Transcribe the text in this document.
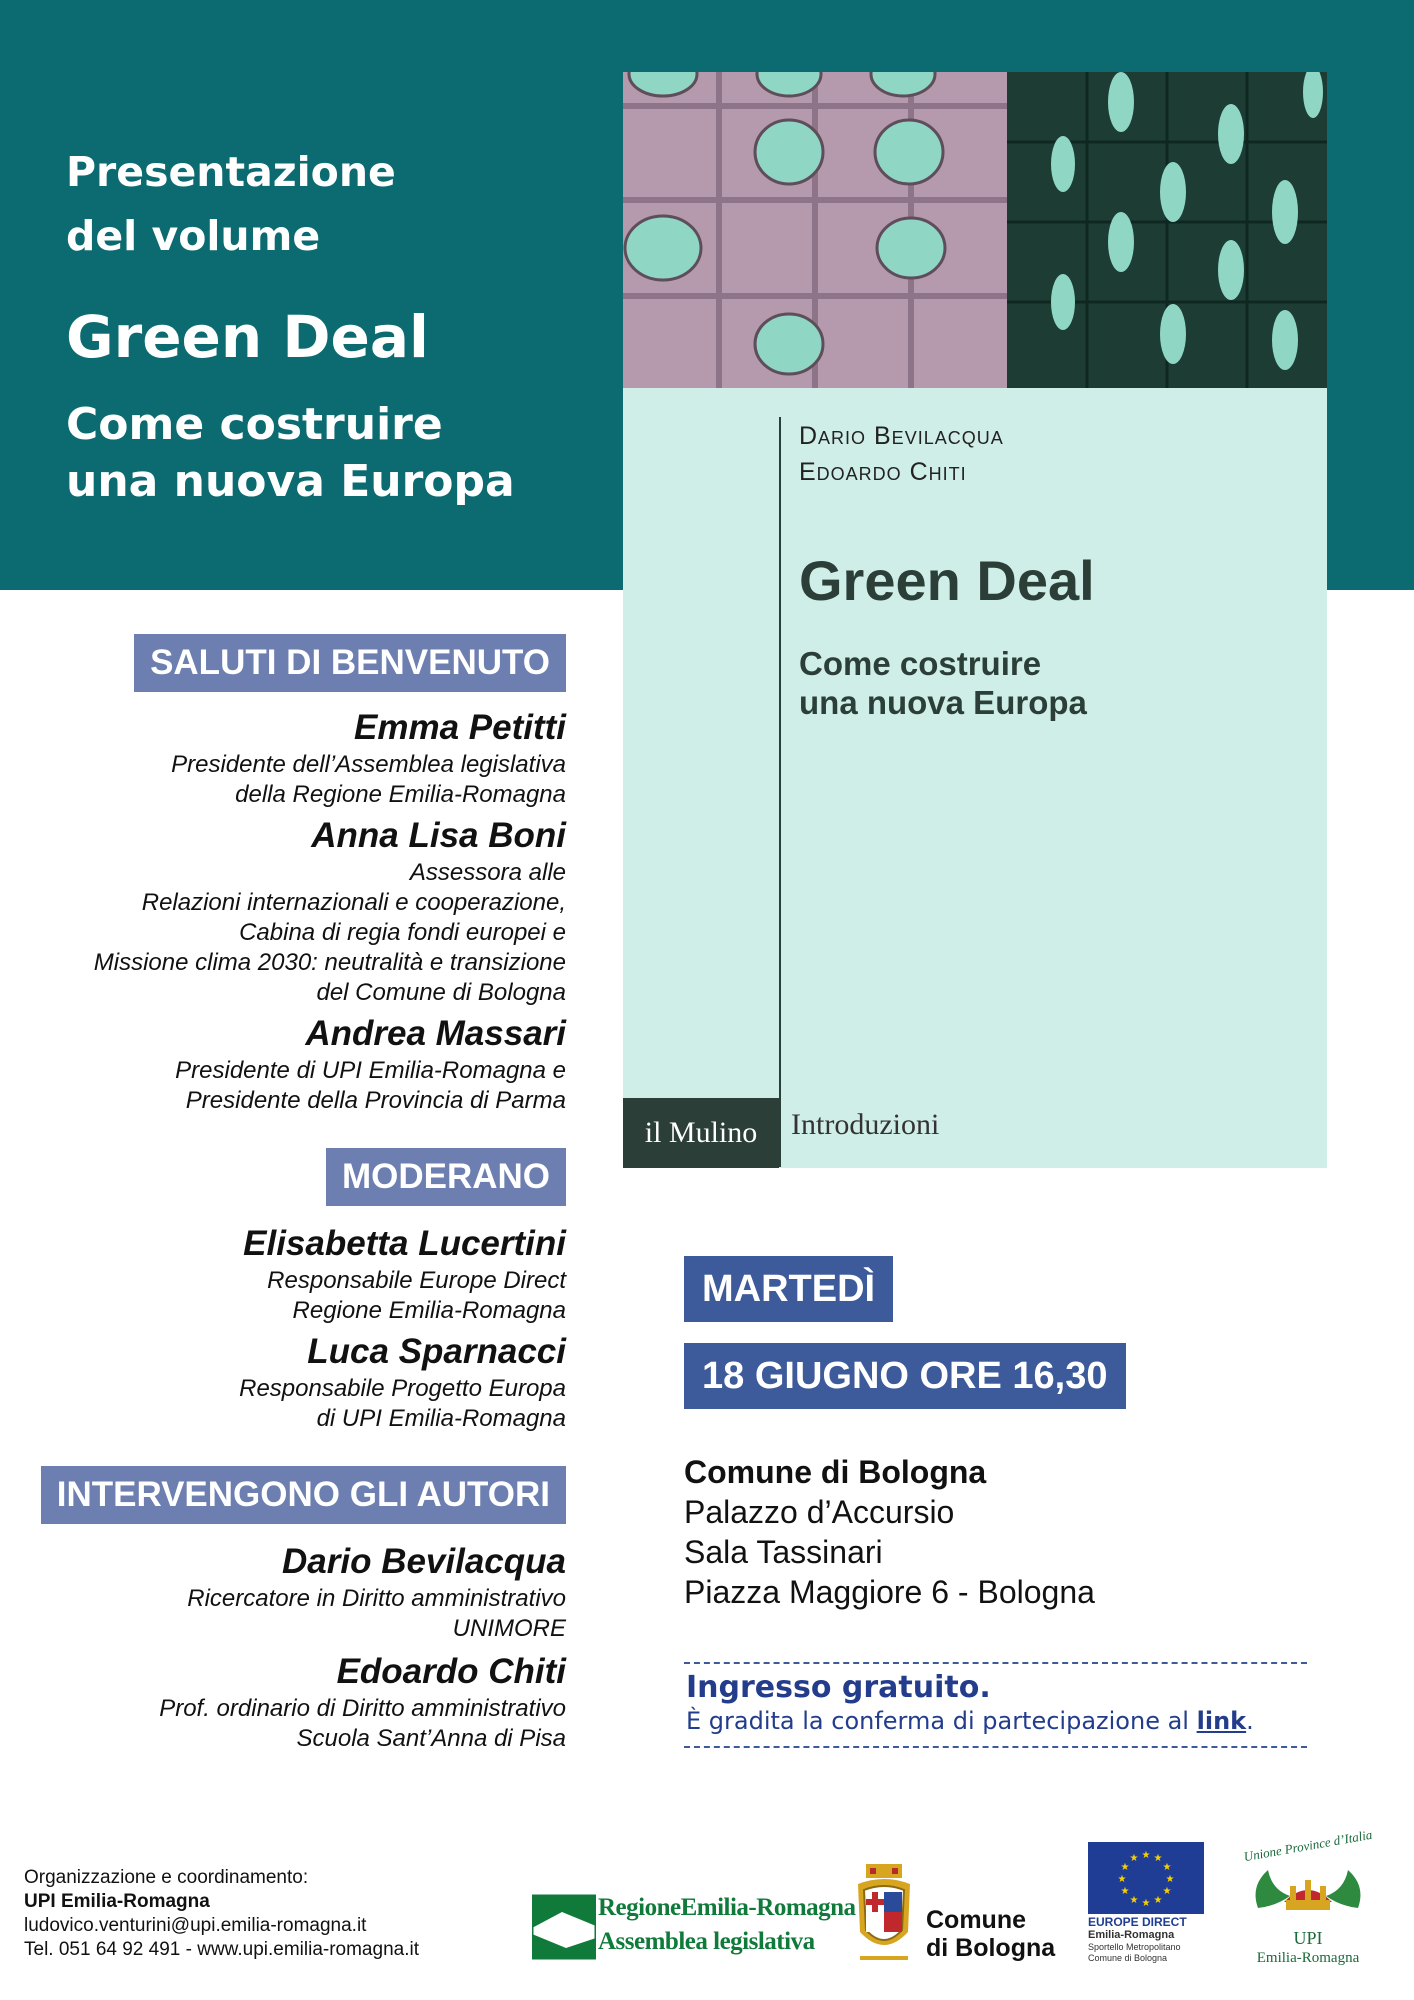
Presentazione
del volume
Green Deal
Come costruire
una nuova Europa
Dario Bevilacqua
Edoardo Chiti
Green Deal
Come costruire
una nuova Europa
il Mulino	Introduzioni
SALUTI DI BENVENUTO
Emma Petitti
Presidente dell’Assemblea legislativa
della Regione Emilia-Romagna
Anna Lisa Boni
Assessora alle
Relazioni internazionali e cooperazione,
Cabina di regia fondi europei e
Missione clima 2030: neutralità e transizione
del Comune di Bologna
Andrea Massari
Presidente di UPI Emilia-Romagna e
Presidente della Provincia di Parma
MODERANO
Elisabetta Lucertini
Responsabile Europe Direct
Regione Emilia-Romagna
Luca Sparnacci
Responsabile Progetto Europa
di UPI Emilia-Romagna
INTERVENGONO GLI AUTORI
Dario Bevilacqua
Ricercatore in Diritto amministrativo
UNIMORE
Edoardo Chiti
Prof. ordinario di Diritto amministrativo
Scuola Sant’Anna di Pisa
MARTEDÌ
18 GIUGNO ORE 16,30
Comune di Bologna
Palazzo d’Accursio
Sala Tassinari
Piazza Maggiore 6 - Bologna
Ingresso gratuito.
È gradita la conferma di partecipazione al link.
Organizzazione e coordinamento:
UPI Emilia-Romagna
ludovico.venturini@upi.emilia-romagna.it
Tel. 051 64 92 491 - www.upi.emilia-romagna.it
RegioneEmilia-Romagna
Assemblea legislativa
Comune
di Bologna
★ ★
★
★
★
★
★
★
★
★
★
★
EUROPE DIRECT
Emilia-Romagna
Sportello Metropolitano
Comune di Bologna
Unione Province d’Italia
UPI
Emilia-Romagna
